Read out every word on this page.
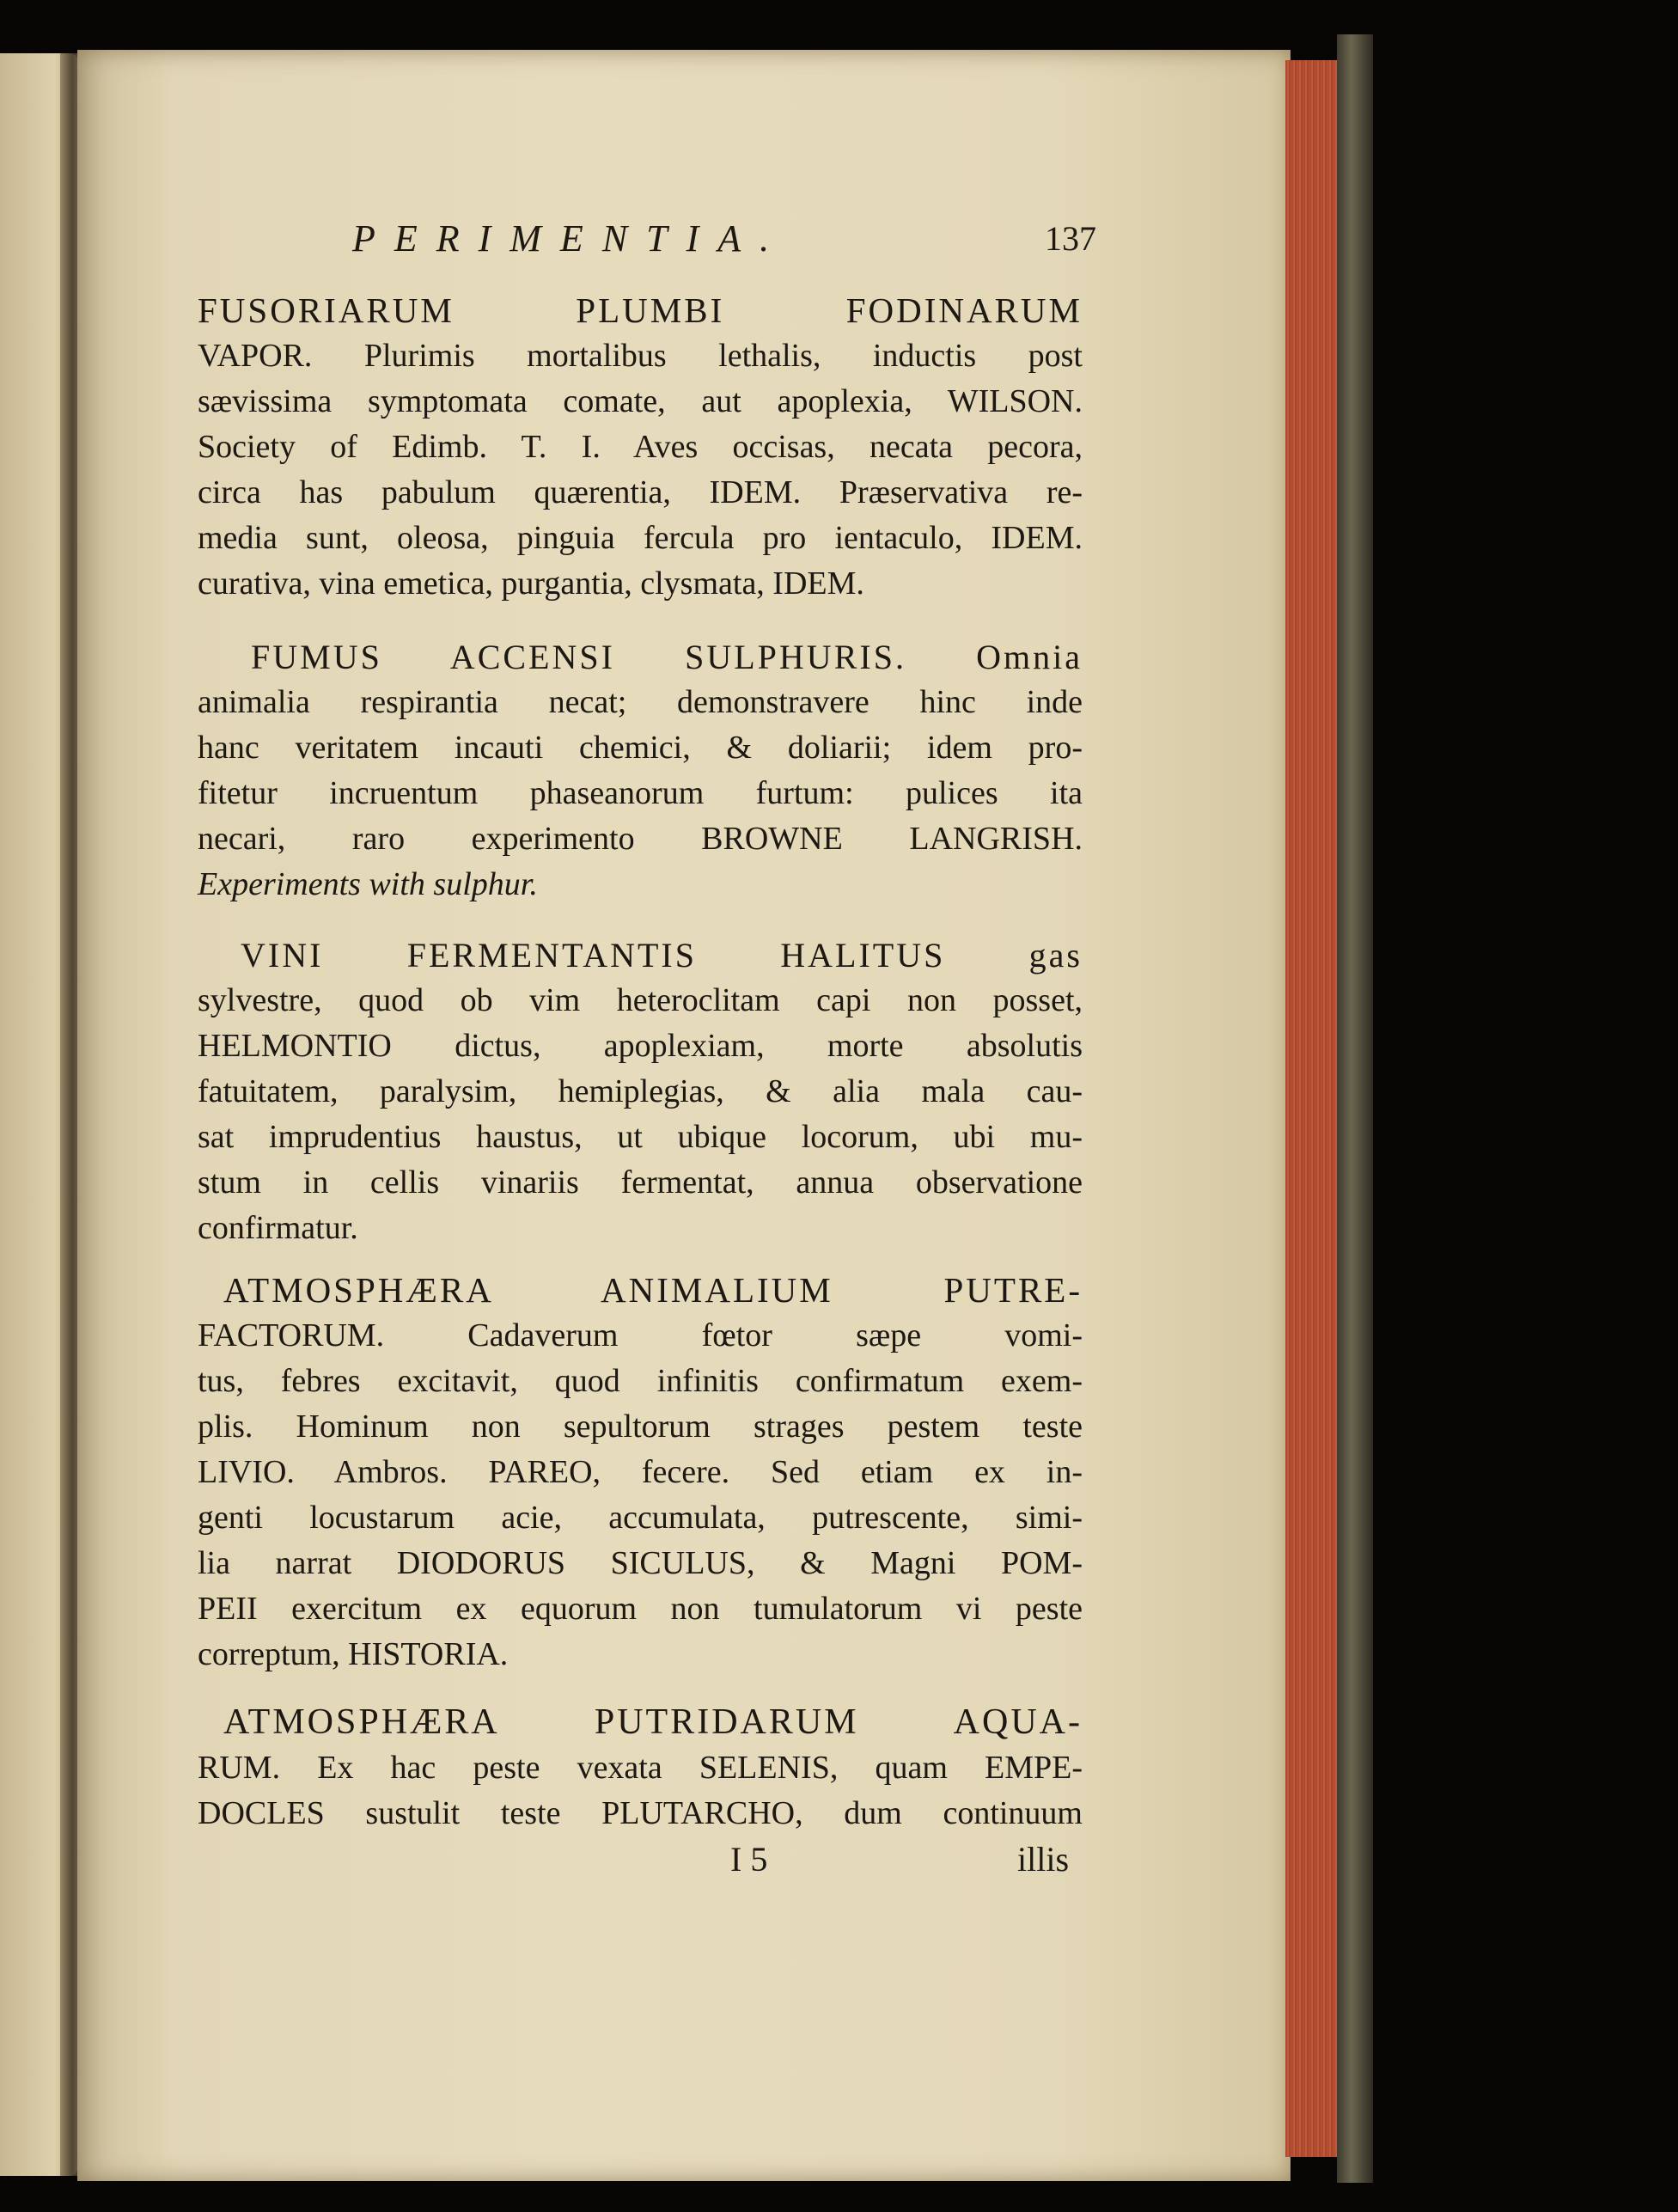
PERIMENTIA.	137
FUSORIARUM PLUMBI FODINARUM
VAPOR. Plurimis mortalibus lethalis, inductis post
sævissima symptomata comate, aut apoplexia, WILSON.
Society of Edimb. T. I. Aves occisas, necata pecora,
circa has pabulum quærentia, IDEM. Præservativa re-
media sunt, oleosa, pinguia fercula pro ientaculo, IDEM.
curativa, vina emetica, purgantia, clysmata, IDEM.
FUMUS ACCENSI SULPHURIS. Omnia
animalia respirantia necat; demonstravere hinc inde
hanc veritatem incauti chemici, & doliarii; idem pro-
fitetur incruentum phaseanorum furtum: pulices ita
necari, raro experimento BROWNE LANGRISH.
Experiments with sulphur.
VINI FERMENTANTIS HALITUS gas
sylvestre, quod ob vim heteroclitam capi non posset,
HELMONTIO dictus, apoplexiam, morte absolutis
fatuitatem, paralysim, hemiplegias, & alia mala cau-
sat imprudentius haustus, ut ubique locorum, ubi mu-
stum in cellis vinariis fermentat, annua observatione
confirmatur.
ATMOSPHÆRA ANIMALIUM PUTRE-
FACTORUM. Cadaverum fœtor sæpe vomi-
tus, febres excitavit, quod infinitis confirmatum exem-
plis. Hominum non sepultorum strages pestem teste
LIVIO. Ambros. PAREO, fecere. Sed etiam ex in-
genti locustarum acie, accumulata, putrescente, simi-
lia narrat DIODORUS SICULUS, & Magni POM-
PEII exercitum ex equorum non tumulatorum vi peste
correptum, HISTORIA.
ATMOSPHÆRA PUTRIDARUM AQUA-
RUM. Ex hac peste vexata SELENIS, quam EMPE-
DOCLES sustulit teste PLUTARCHO, dum continuum
I 5	illis
